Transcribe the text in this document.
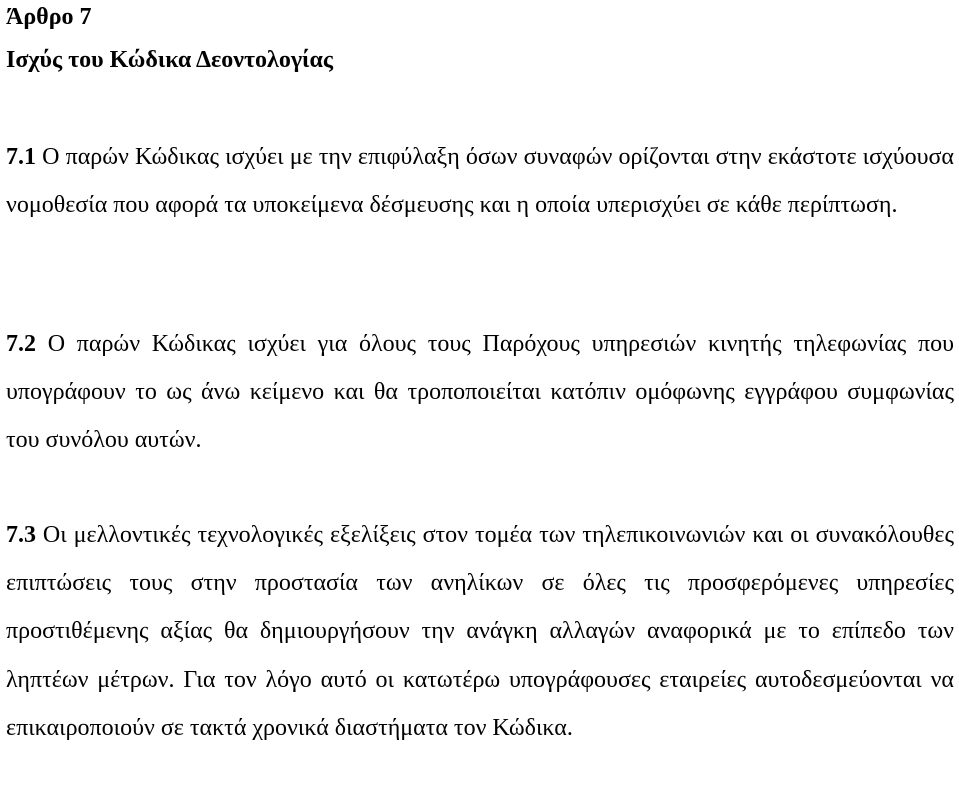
Άρθρο 7
Ισχύς του Κώδικα Δεοντολογίας

7.1 Ο παρών Κώδικας ισχύει με την επιφύλαξη όσων συναφών ορίζονται στην εκάστοτε ισχύουσα νομοθεσία που αφορά τα υποκείμενα δέσμευσης και η οποία υπερισχύει σε κάθε περίπτωση.

7.2 Ο παρών Κώδικας ισχύει για όλους τους Παρόχους υπηρεσιών κινητής τηλεφωνίας που υπογράφουν το ως άνω κείμενο και θα τροποποιείται κατόπιν ομόφωνης εγγράφου συμφωνίας του συνόλου αυτών.

7.3 Οι μελλοντικές τεχνολογικές εξελίξεις στον τομέα των τηλεπικοινωνιών και οι συνακόλουθες επιπτώσεις τους στην προστασία των ανηλίκων σε όλες τις προσφερόμενες υπηρεσίες προστιθέμενης αξίας θα δημιουργήσουν την ανάγκη αλλαγών αναφορικά με το επίπεδο των ληπτέων μέτρων. Για τον λόγο αυτό οι κατωτέρω υπογράφουσες εταιρείες αυτοδεσμεύονται να επικαιροποιούν σε τακτά χρονικά διαστήματα τον Κώδικα.
